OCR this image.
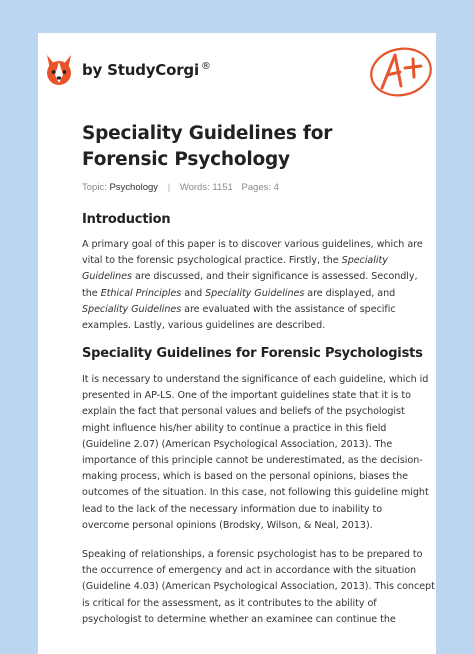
by StudyCorgi ®
Speciality Guidelines for Forensic Psychology
Topic: Psychology | Words: 1151 Pages: 4
Introduction
A primary goal of this paper is to discover various guidelines, which are
vital to the forensic psychological practice. Firstly, the Speciality
Guidelines are discussed, and their significance is assessed. Secondly,
the Ethical Principles and Speciality Guidelines are displayed, and
Speciality Guidelines are evaluated with the assistance of specific
examples. Lastly, various guidelines are described.
Speciality Guidelines for Forensic Psychologists
It is necessary to understand the significance of each guideline, which id
presented in AP-LS. One of the important guidelines state that it is to
explain the fact that personal values and beliefs of the psychologist
might influence his/her ability to continue a practice in this field
(Guideline 2.07) (American Psychological Association, 2013). The
importance of this principle cannot be underestimated, as the decision-
making process, which is based on the personal opinions, biases the
outcomes of the situation. In this case, not following this guideline might
lead to the lack of the necessary information due to inability to
overcome personal opinions (Brodsky, Wilson, & Neal, 2013).
Speaking of relationships, a forensic psychologist has to be prepared to
the occurrence of emergency and act in accordance with the situation
(Guideline 4.03) (American Psychological Association, 2013). This concept
is critical for the assessment, as it contributes to the ability of
psychologist to determine whether an examinee can continue the
